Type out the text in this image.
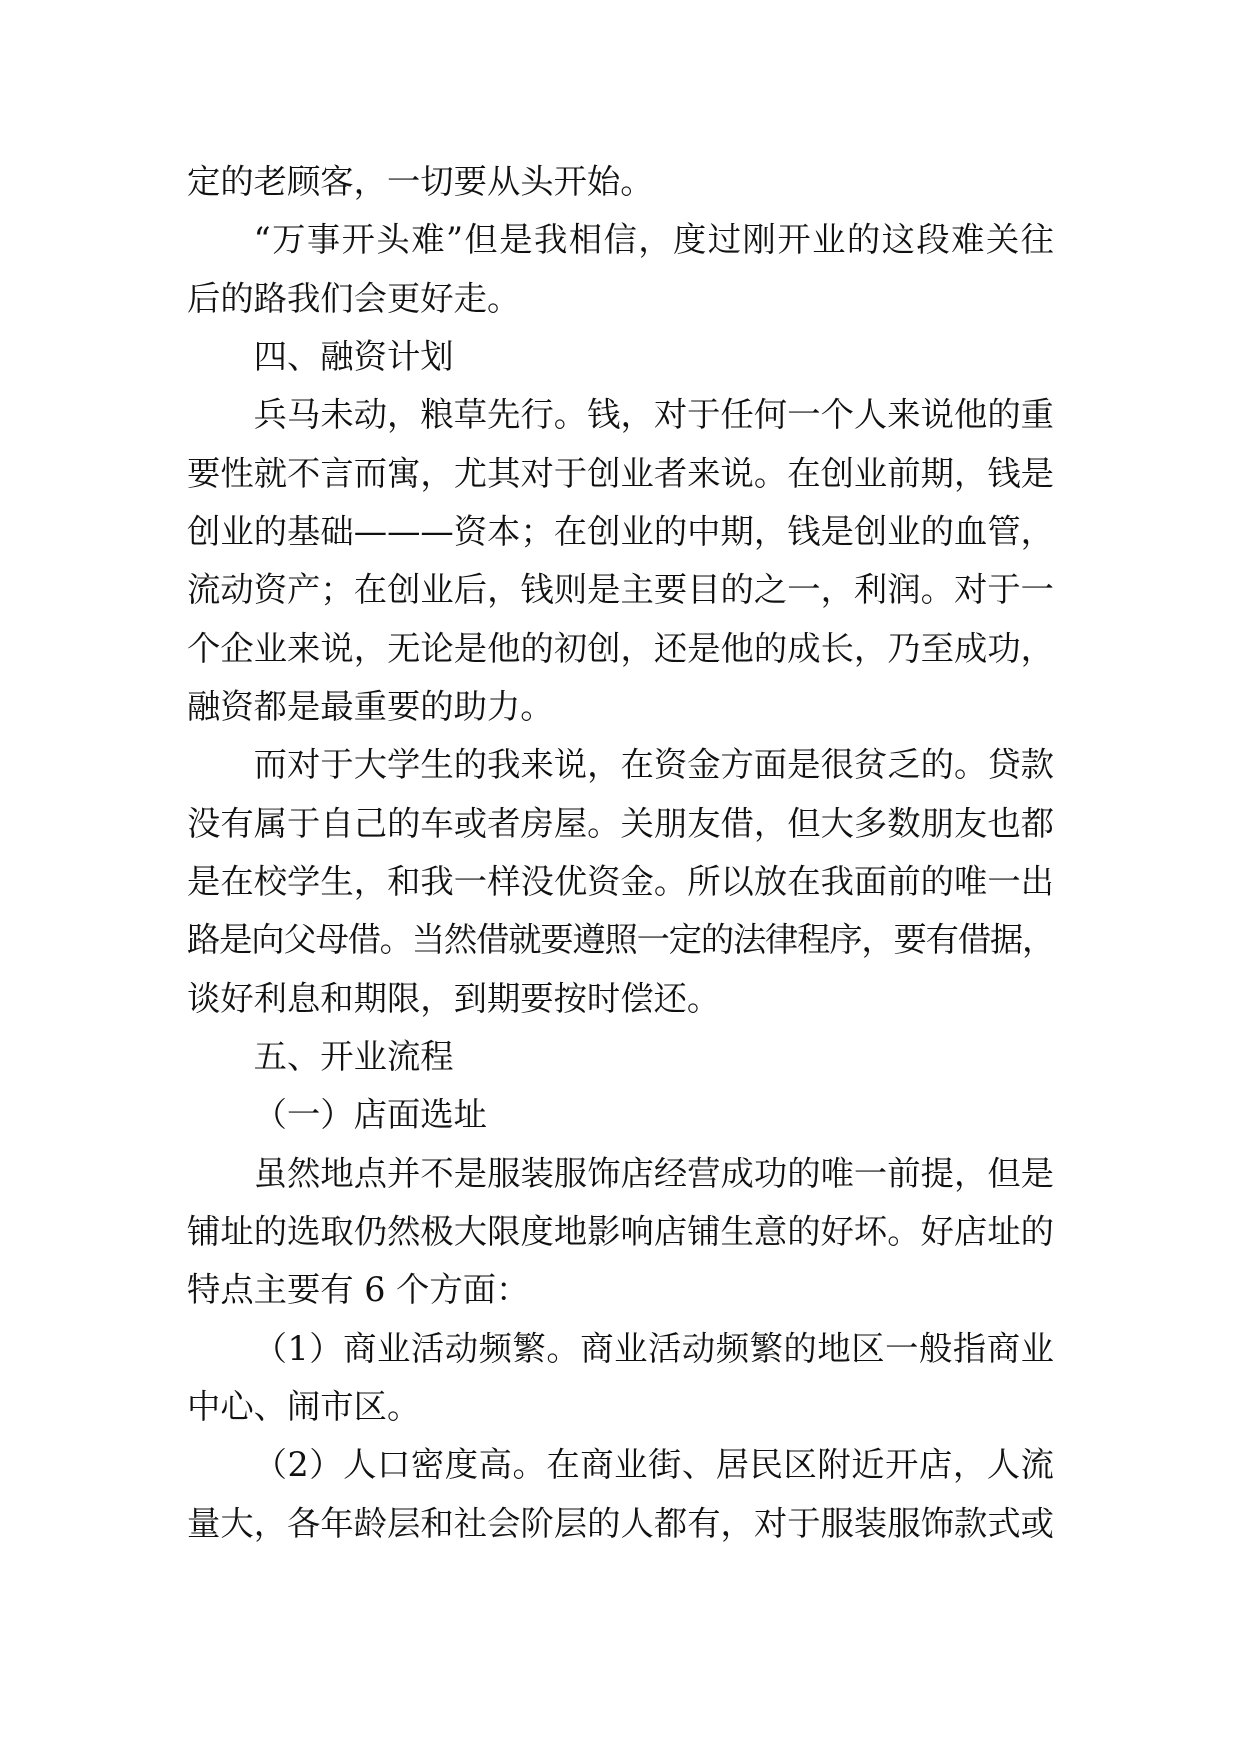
定的老顾客，一切要从头开始。
“万事开头难”但是我相信，度过刚开业的这段难关往
后的路我们会更好走。
四、融资计划
兵马未动，粮草先行。钱，对于任何一个人来说他的重
要性就不言而寓，尤其对于创业者来说。在创业前期，钱是
创业的基础———资本；在创业的中期，钱是创业的血管，
流动资产；在创业后，钱则是主要目的之一，利润。对于一
个企业来说，无论是他的初创，还是他的成长，乃至成功，
融资都是最重要的助力。
而对于大学生的我来说，在资金方面是很贫乏的。贷款
没有属于自己的车或者房屋。关朋友借，但大多数朋友也都
是在校学生，和我一样没优资金。所以放在我面前的唯一出
路是向父母借。当然借就要遵照一定的法律程序，要有借据，
谈好利息和期限，到期要按时偿还。
五、开业流程
（一）店面选址
虽然地点并不是服装服饰店经营成功的唯一前提，但是
铺址的选取仍然极大限度地影响店铺生意的好坏。好店址的
特点主要有 6 个方面：
（1）商业活动频繁。商业活动频繁的地区一般指商业
中心、闹市区。
（2）人口密度高。在商业街、居民区附近开店，人流
量大，各年龄层和社会阶层的人都有，对于服装服饰款式或
